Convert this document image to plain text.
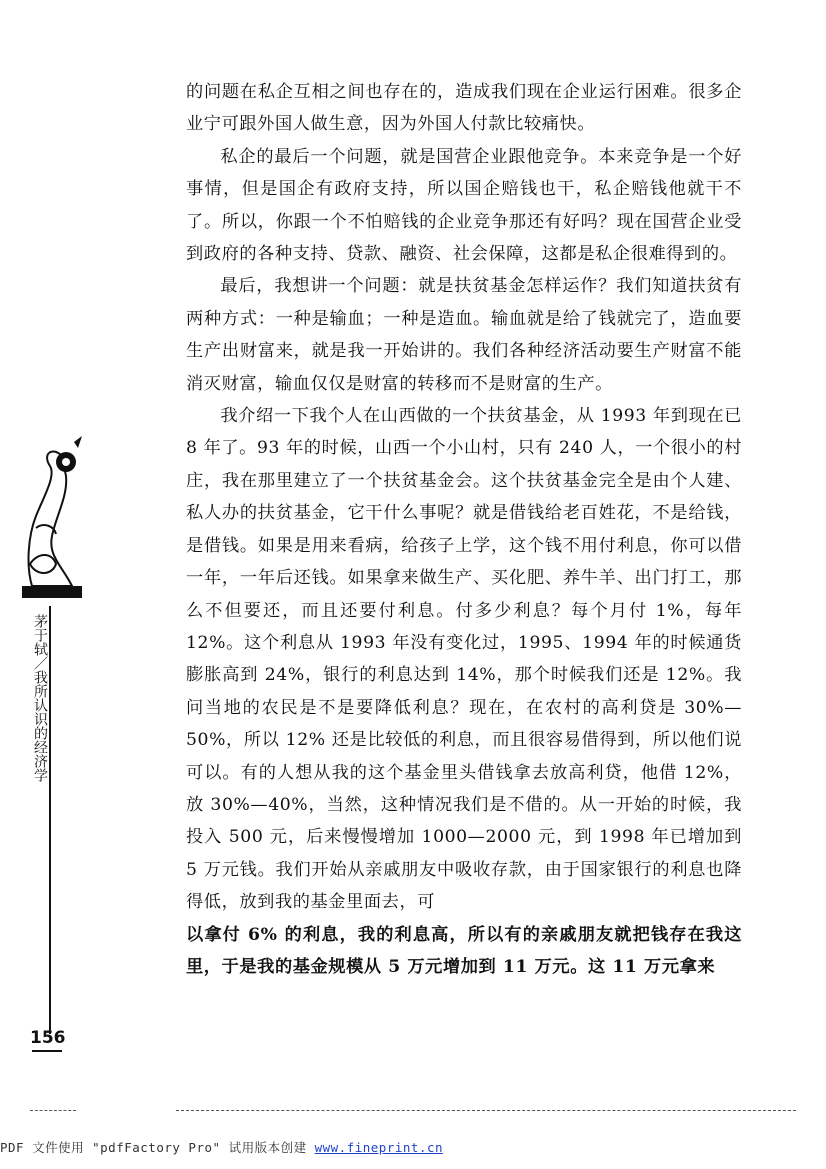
的问题在私企互相之间也存在的，造成我们现在企业运行困难。很多企业宁可跟外国人做生意，因为外国人付款比较痛快。

私企的最后一个问题，就是国营企业跟他竞争。本来竞争是一个好事情，但是国企有政府支持，所以国企赔钱也干，私企赔钱他就干不了。所以，你跟一个不怕赔钱的企业竞争那还有好吗？现在国营企业受到政府的各种支持、贷款、融资、社会保障，这都是私企很难得到的。

最后，我想讲一个问题：就是扶贫基金怎样运作？我们知道扶贫有两种方式：一种是输血；一种是造血。输血就是给了钱就完了，造血要生产出财富来，就是我一开始讲的。我们各种经济活动要生产财富不能消灭财富，输血仅仅是财富的转移而不是财富的生产。

我介绍一下我个人在山西做的一个扶贫基金，从 1993 年到现在已 8 年了。93 年的时候，山西一个小山村，只有 240 人，一个很小的村庄，我在那里建立了一个扶贫基金会。这个扶贫基金完全是由个人建、私人办的扶贫基金，它干什么事呢？就是借钱给老百姓花，不是给钱，是借钱。如果是用来看病，给孩子上学，这个钱不用付利息，你可以借一年，一年后还钱。如果拿来做生产、买化肥、养牛羊、出门打工，那么不但要还，而且还要付利息。付多少利息？每个月付 1%，每年 12%。这个利息从 1993 年没有变化过，1995、1994 年的时候通货膨胀高到 24%，银行的利息达到 14%，那个时候我们还是 12%。我问当地的农民是不是要降低利息？现在，在农村的高利贷是 30%—50%，所以 12% 还是比较低的利息，而且很容易借得到，所以他们说可以。有的人想从我的这个基金里头借钱拿去放高利贷，他借 12%，放 30%—40%，当然，这种情况我们是不借的。从一开始的时候，我投入 500 元，后来慢慢增加 1000—2000 元，到 1998 年已增加到 5 万元钱。我们开始从亲戚朋友中吸收存款，由于国家银行的利息也降得低，放到我的基金里面去，可

以拿付 6% 的利息，我的利息高，所以有的亲戚朋友就把钱存在我这里，于是我的基金规模从 5 万元增加到 11 万元。这 11 万元拿来

茅于轼／我所认识的经济学
156
PDF 文件使用 "pdfFactory Pro" 试用版本创建 www.fineprint.cn
